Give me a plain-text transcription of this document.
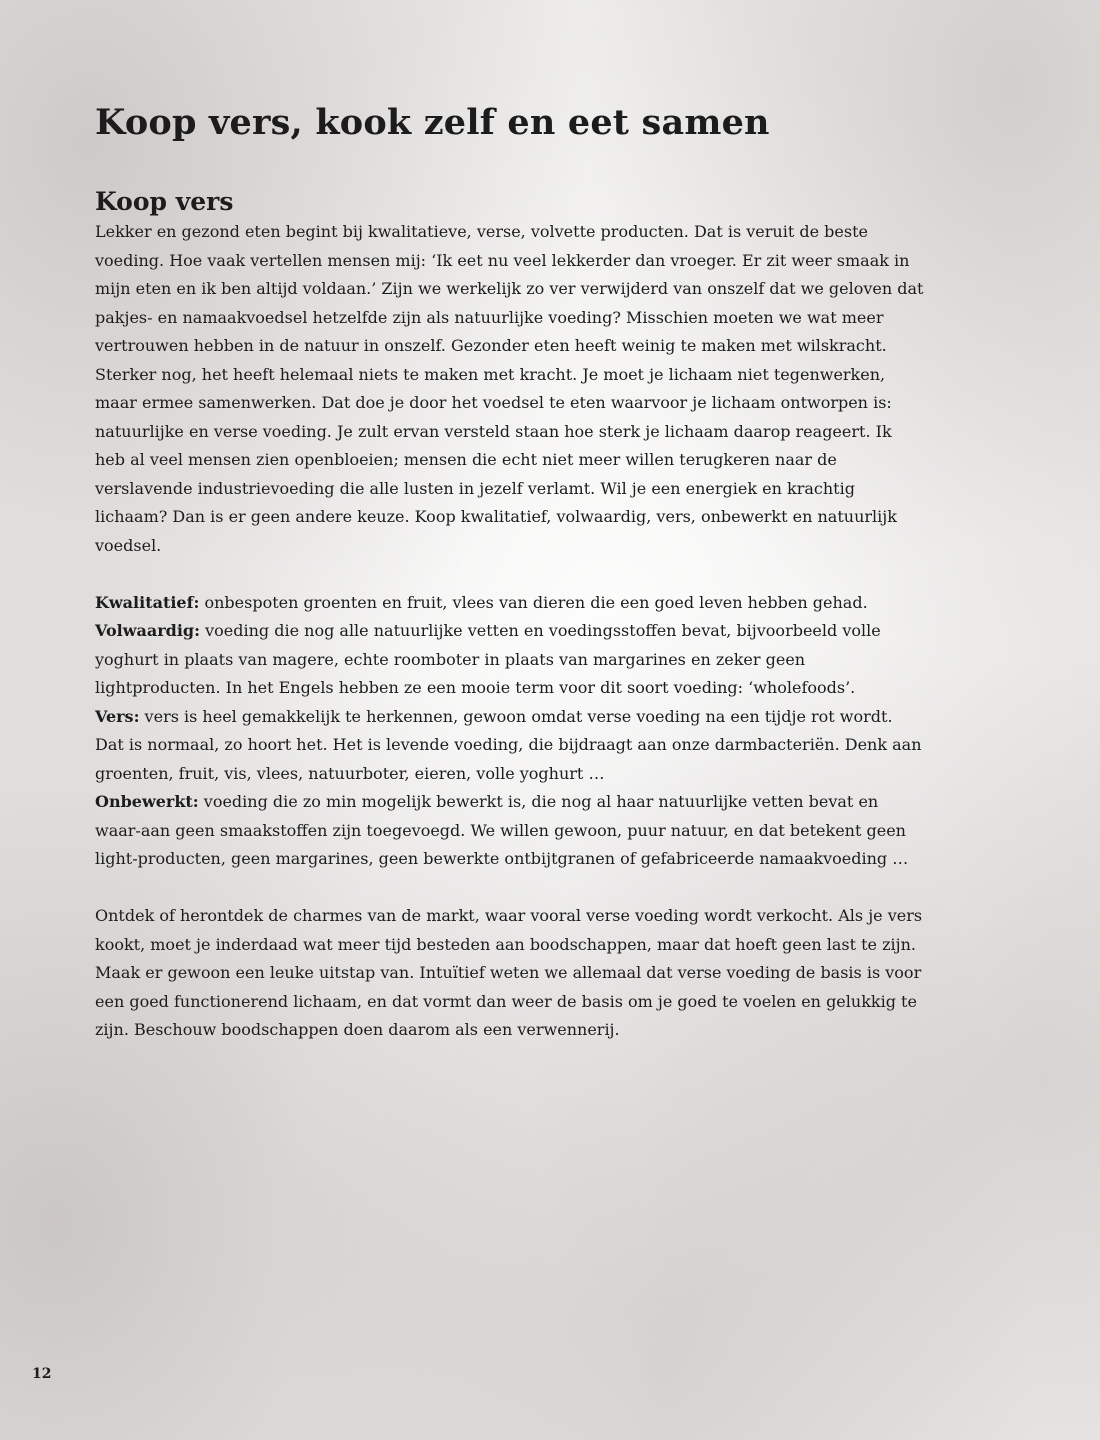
Koop vers, kook zelf en eet samen
Koop vers

Lekker en gezond eten begint bij kwalitatieve, verse, volvette producten. Dat is veruit de beste voeding. Hoe vaak vertellen mensen mij: ‘Ik eet nu veel lekkerder dan vroeger. Er zit weer smaak in mijn eten en ik ben altijd voldaan.’ Zijn we werkelijk zo ver verwijderd van onszelf dat we geloven dat pakjes- en namaakvoedsel hetzelfde zijn als natuurlijke voeding? Misschien moeten we wat meer vertrouwen hebben in de natuur in onszelf. Gezonder eten heeft weinig te maken met wilskracht. Sterker nog, het heeft helemaal niets te maken met kracht. Je moet je lichaam niet tegenwerken, maar ermee samenwerken. Dat doe je door het voedsel te eten waarvoor je lichaam ontworpen is: natuurlijke en verse voeding. Je zult ervan versteld staan hoe sterk je lichaam daarop reageert. Ik heb al veel mensen zien openbloeien; mensen die echt niet meer willen terugkeren naar de verslavende industrievoeding die alle lusten in jezelf verlamt. Wil je een energiek en krachtig lichaam? Dan is er geen andere keuze. Koop kwalitatief, volwaardig, vers, onbewerkt en natuurlijk voedsel.

Kwalitatief: onbespoten groenten en fruit, vlees van dieren die een goed leven hebben gehad.

Volwaardig: voeding die nog alle natuurlijke vetten en voedingsstoffen bevat, bijvoorbeeld volle yoghurt in plaats van magere, echte roomboter in plaats van margarines en zeker geen lightproducten. In het Engels hebben ze een mooie term voor dit soort voeding: ‘wholefoods’.

Vers: vers is heel gemakkelijk te herkennen, gewoon omdat verse voeding na een tijdje rot wordt. Dat is normaal, zo hoort het. Het is levende voeding, die bijdraagt aan onze darmbacteriën. Denk aan groenten, fruit, vis, vlees, natuurboter, eieren, volle yoghurt …

Onbewerkt: voeding die zo min mogelijk bewerkt is, die nog al haar natuurlijke vetten bevat en waar-aan geen smaakstoffen zijn toegevoegd. We willen gewoon, puur natuur, en dat betekent geen light-producten, geen margarines, geen bewerkte ontbijtgranen of gefabriceerde namaakvoeding …

Ontdek of herontdek de charmes van de markt, waar vooral verse voeding wordt verkocht. Als je vers kookt, moet je inderdaad wat meer tijd besteden aan boodschappen, maar dat hoeft geen last te zijn. Maak er gewoon een leuke uitstap van. Intuïtief weten we allemaal dat verse voeding de basis is voor een goed functionerend lichaam, en dat vormt dan weer de basis om je goed te voelen en gelukkig te zijn. Beschouw boodschappen doen daarom als een verwennerij.

12
